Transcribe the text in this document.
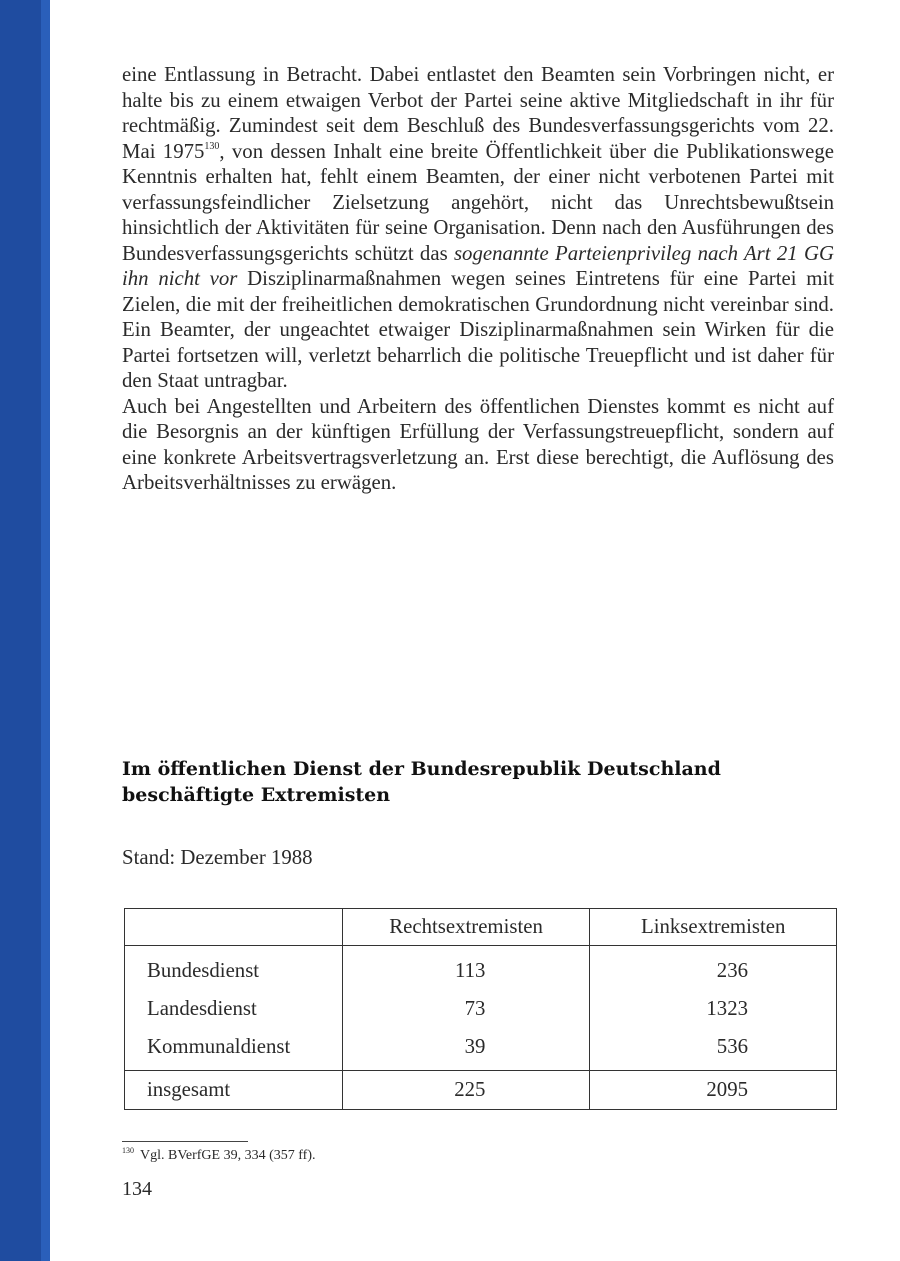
eine Entlassung in Betracht. Dabei entlastet den Beamten sein Vorbringen nicht, er halte bis zu einem etwaigen Verbot der Partei seine aktive Mitgliedschaft in ihr für rechtmäßig. Zumindest seit dem Beschluß des Bundesverfassungsgerichts vom 22. Mai 1975$^{130}$, von dessen Inhalt eine breite Öffentlichkeit über die Publikationswege Kenntnis erhalten hat, fehlt einem Beamten, der einer nicht verbotenen Partei mit verfassungsfeindlicher Zielsetzung angehört, nicht das Unrechtsbewußtsein hinsichtlich der Aktivitäten für seine Organisation. Denn nach den Ausführungen des Bundesverfassungsgerichts schützt das sogenannte Parteienprivileg nach Art 21 GG ihn nicht vor Disziplinarmaßnahmen wegen seines Eintretens für eine Partei mit Zielen, die mit der freiheitlichen demokratischen Grundordnung nicht vereinbar sind. Ein Beamter, der ungeachtet etwaiger Disziplinarmaßnahmen sein Wirken für die Partei fortsetzen will, verletzt beharrlich die politische Treuepflicht und ist daher für den Staat untragbar.

Auch bei Angestellten und Arbeitern des öffentlichen Dienstes kommt es nicht auf die Besorgnis an der künftigen Erfüllung der Verfassungstreuepflicht, sondern auf eine konkrete Arbeitsvertragsverletzung an. Erst diese berechtigt, die Auflösung des Arbeitsverhältnisses zu erwägen.

Im öffentlichen Dienst der Bundesrepublik Deutschland beschäftigte Extremisten
Stand: Dezember 1988
	Rechtsextremisten	Linksextremisten
Bundesdienst	113	236
Landesdienst	73	1323
Kommunaldienst	39	536
insgesamt	225	2095
$^{130}$ Vgl. BVerfGE 39, 334 (357 ff).
134
